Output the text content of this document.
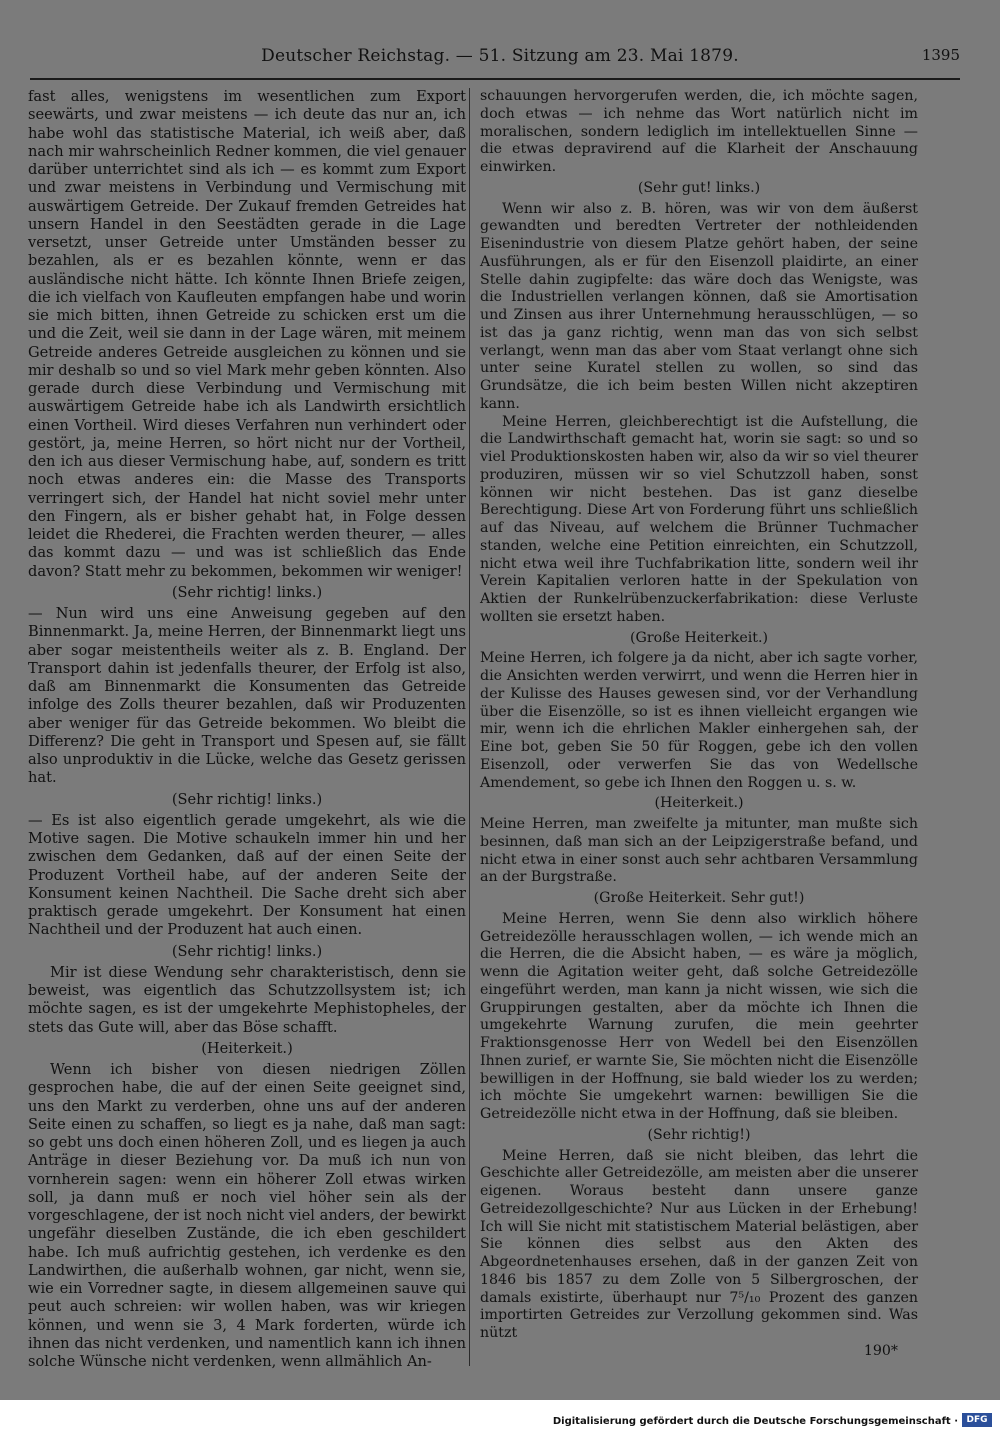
Deutscher Reichstag. — 51. Sitzung am 23. Mai 1879.	1395

fast alles, wenigstens im wesentlichen zum Export seewärts, und zwar meistens — ich deute das nur an, ich habe wohl das statistische Material, ich weiß aber, daß nach mir wahrscheinlich Redner kommen, die viel genauer darüber unterrichtet sind als ich — es kommt zum Export und zwar meistens in Verbindung und Vermischung mit auswärtigem Getreide. Der Zukauf fremden Getreides hat unsern Handel in den Seestädten gerade in die Lage versetzt, unser Getreide unter Umständen besser zu bezahlen, als er es bezahlen könnte, wenn er das ausländische nicht hätte. Ich könnte Ihnen Briefe zeigen, die ich vielfach von Kaufleuten empfangen habe und worin sie mich bitten, ihnen Getreide zu schicken erst um die und die Zeit, weil sie dann in der Lage wären, mit meinem Getreide anderes Getreide ausgleichen zu können und sie mir deshalb so und so viel Mark mehr geben könnten. Also gerade durch diese Verbindung und Vermischung mit auswärtigem Getreide habe ich als Landwirth ersichtlich einen Vortheil. Wird dieses Verfahren nun verhindert oder gestört, ja, meine Herren, so hört nicht nur der Vortheil, den ich aus dieser Vermischung habe, auf, sondern es tritt noch etwas anderes ein: die Masse des Transports verringert sich, der Handel hat nicht soviel mehr unter den Fingern, als er bisher gehabt hat, in Folge dessen leidet die Rhederei, die Frachten werden theurer, — alles das kommt dazu — und was ist schließlich das Ende davon? Statt mehr zu bekommen, bekommen wir weniger!

(Sehr richtig! links.)

— Nun wird uns eine Anweisung gegeben auf den Binnenmarkt. Ja, meine Herren, der Binnenmarkt liegt uns aber sogar meistentheils weiter als z. B. England. Der Transport dahin ist jedenfalls theurer, der Erfolg ist also, daß am Binnenmarkt die Konsumenten das Getreide infolge des Zolls theurer bezahlen, daß wir Produzenten aber weniger für das Getreide bekommen. Wo bleibt die Differenz? Die geht in Transport und Spesen auf, sie fällt also unproduktiv in die Lücke, welche das Gesetz gerissen hat.

(Sehr richtig! links.)

— Es ist also eigentlich gerade umgekehrt, als wie die Motive sagen. Die Motive schaukeln immer hin und her zwischen dem Gedanken, daß auf der einen Seite der Produzent Vortheil habe, auf der anderen Seite der Konsument keinen Nachtheil. Die Sache dreht sich aber praktisch gerade umgekehrt. Der Konsument hat einen Nachtheil und der Produzent hat auch einen.

(Sehr richtig! links.)

Mir ist diese Wendung sehr charakteristisch, denn sie beweist, was eigentlich das Schutzzollsystem ist; ich möchte sagen, es ist der umgekehrte Mephistopheles, der stets das Gute will, aber das Böse schafft.

(Heiterkeit.)

Wenn ich bisher von diesen niedrigen Zöllen gesprochen habe, die auf der einen Seite geeignet sind, uns den Markt zu verderben, ohne uns auf der anderen Seite einen zu schaffen, so liegt es ja nahe, daß man sagt: so gebt uns doch einen höheren Zoll, und es liegen ja auch Anträge in dieser Beziehung vor. Da muß ich nun von vornherein sagen: wenn ein höherer Zoll etwas wirken soll, ja dann muß er noch viel höher sein als der vorgeschlagene, der ist noch nicht viel anders, der bewirkt ungefähr dieselben Zustände, die ich eben geschildert habe. Ich muß aufrichtig gestehen, ich verdenke es den Landwirthen, die außerhalb wohnen, gar nicht, wenn sie, wie ein Vorredner sagte, in diesem allgemeinen sauve qui peut auch schreien: wir wollen haben, was wir kriegen können, und wenn sie 3, 4 Mark forderten, würde ich ihnen das nicht verdenken, und namentlich kann ich ihnen solche Wünsche nicht verdenken, wenn allmählich An-

schauungen hervorgerufen werden, die, ich möchte sagen, doch etwas — ich nehme das Wort natürlich nicht im moralischen, sondern lediglich im intellektuellen Sinne — die etwas depravirend auf die Klarheit der Anschauung einwirken.

(Sehr gut! links.)

Wenn wir also z. B. hören, was wir von dem äußerst gewandten und beredten Vertreter der nothleidenden Eisenindustrie von diesem Platze gehört haben, der seine Ausführungen, als er für den Eisenzoll plaidirte, an einer Stelle dahin zugipfelte: das wäre doch das Wenigste, was die Industriellen verlangen können, daß sie Amortisation und Zinsen aus ihrer Unternehmung herausschlügen, — so ist das ja ganz richtig, wenn man das von sich selbst verlangt, wenn man das aber vom Staat verlangt ohne sich unter seine Kuratel stellen zu wollen, so sind das Grundsätze, die ich beim besten Willen nicht akzeptiren kann.

Meine Herren, gleichberechtigt ist die Aufstellung, die die Landwirthschaft gemacht hat, worin sie sagt: so und so viel Produktionskosten haben wir, also da wir so viel theurer produziren, müssen wir so viel Schutzzoll haben, sonst können wir nicht bestehen. Das ist ganz dieselbe Berechtigung. Diese Art von Forderung führt uns schließlich auf das Niveau, auf welchem die Brünner Tuchmacher standen, welche eine Petition einreichten, ein Schutzzoll, nicht etwa weil ihre Tuchfabrikation litte, sondern weil ihr Verein Kapitalien verloren hatte in der Spekulation von Aktien der Runkelrübenzuckerfabrikation: diese Verluste wollten sie ersetzt haben.

(Große Heiterkeit.)

Meine Herren, ich folgere ja da nicht, aber ich sagte vorher, die Ansichten werden verwirrt, und wenn die Herren hier in der Kulisse des Hauses gewesen sind, vor der Verhandlung über die Eisenzölle, so ist es ihnen vielleicht ergangen wie mir, wenn ich die ehrlichen Makler einhergehen sah, der Eine bot, geben Sie 50 für Roggen, gebe ich den vollen Eisenzoll, oder verwerfen Sie das von Wedellsche Amendement, so gebe ich Ihnen den Roggen u. s. w.

(Heiterkeit.)

Meine Herren, man zweifelte ja mitunter, man mußte sich besinnen, daß man sich an der Leipzigerstraße befand, und nicht etwa in einer sonst auch sehr achtbaren Versammlung an der Burgstraße.

(Große Heiterkeit. Sehr gut!)

Meine Herren, wenn Sie denn also wirklich höhere Getreidezölle herausschlagen wollen, — ich wende mich an die Herren, die die Absicht haben, — es wäre ja möglich, wenn die Agitation weiter geht, daß solche Getreidezölle eingeführt werden, man kann ja nicht wissen, wie sich die Gruppirungen gestalten, aber da möchte ich Ihnen die umgekehrte Warnung zurufen, die mein geehrter Fraktionsgenosse Herr von Wedell bei den Eisenzöllen Ihnen zurief, er warnte Sie, Sie möchten nicht die Eisenzölle bewilligen in der Hoffnung, sie bald wieder los zu werden; ich möchte Sie umgekehrt warnen: bewilligen Sie die Getreidezölle nicht etwa in der Hoffnung, daß sie bleiben.

(Sehr richtig!)

Meine Herren, daß sie nicht bleiben, das lehrt die Geschichte aller Getreidezölle, am meisten aber die unserer eigenen. Woraus besteht dann unsere ganze Getreidezollgeschichte? Nur aus Lücken in der Erhebung! Ich will Sie nicht mit statistischem Material belästigen, aber Sie können dies selbst aus den Akten des Abgeordnetenhauses ersehen, daß in der ganzen Zeit von 1846 bis 1857 zu dem Zolle von 5 Silbergroschen, der damals existirte, überhaupt nur 7⁵/₁₀ Prozent des ganzen importirten Getreides zur Verzollung gekommen sind. Was nützt

190*

Digitalisierung gefördert durch die Deutsche Forschungsgemeinschaft · DFG
